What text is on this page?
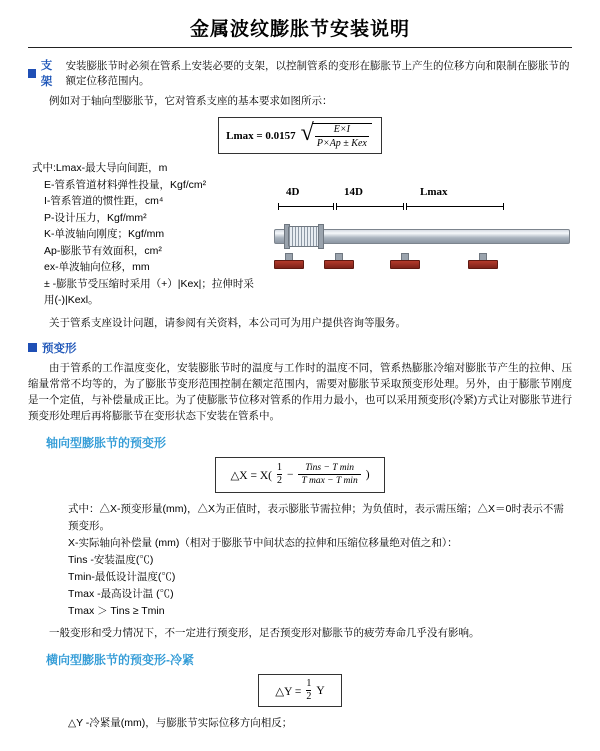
金属波纹膨胀节安装说明
支架
安装膨胀节时必须在管系上安装必要的支架，以控制管系的变形在膨胀节上产生的位移方向和限制在膨胀节的额定位移范围内。

例如对于轴向型膨胀节，它对管系支座的基本要求如图所示：

Lmax = 0.0157 √
$\frac{E\times I}{\text{P×Ap ± Kex}}$
式中:Lmax-最大导向间距，m
E-管系管道材料弹性投量，Kgf/cm²
I-管系管道的惯性距，cm⁴
P-设计压力，Kgf/mm²
K-单波轴向刚度；Kgf/mm
Ap-膨胀节有效面积，cm²
ex-单波轴向位移，mm
± -膨胀节受压缩时采用（+）|Kex|；拉伸时采用(-)|Kexl。
4D	14D	Lmax

关于管系支座设计问题，请参阅有关资料，本公司可为用户提供咨询等服务。

预变形

由于管系的工作温度变化，安装膨胀节时的温度与工作时的温度不同，管系热膨胀冷缩对膨胀节产生的拉伸、压缩量常常不均等的，为了膨胀节变形范围控制在额定范围内，需要对膨胀节采取预变形处理。另外，由于膨胀节刚度是一个定值，与补偿量成正比。为了使膨胀节位移对管系的作用力最小，也可以采用预变形(冷紧)方式让对膨胀节进行预变形处理后再将膨胀节在变形状态下安装在管系中。

轴向型膨胀节的预变形
△X = $X( \frac{1}{2}$ −
Tins − T min
T max − T min
)
式中：△X-预变形量(mm)，△X为正值时，表示膨胀节需拉伸；为负值时，表示需压缩；△X＝0时表示不需预变形。
X-实际轴向补偿量 (mm)（相对于膨胀节中间状态的拉伸和压缩位移量绝对值之和）：
Tins -安装温度(℃)
Tmin-最低设计温度(℃)
Tmax -最高设计温 (℃)
Tmax ＞ Tins ≥ Tmin

一般变形和受力情况下，不一定进行预变形，足否预变形对膨胀节的疲劳寿命几乎没有影响。

横向型膨胀节的预变形-冷紧
△Y = $\frac{1}{2}$ Y
△Y -冷紧量(mm)，与膨胀节实际位移方向相反；
